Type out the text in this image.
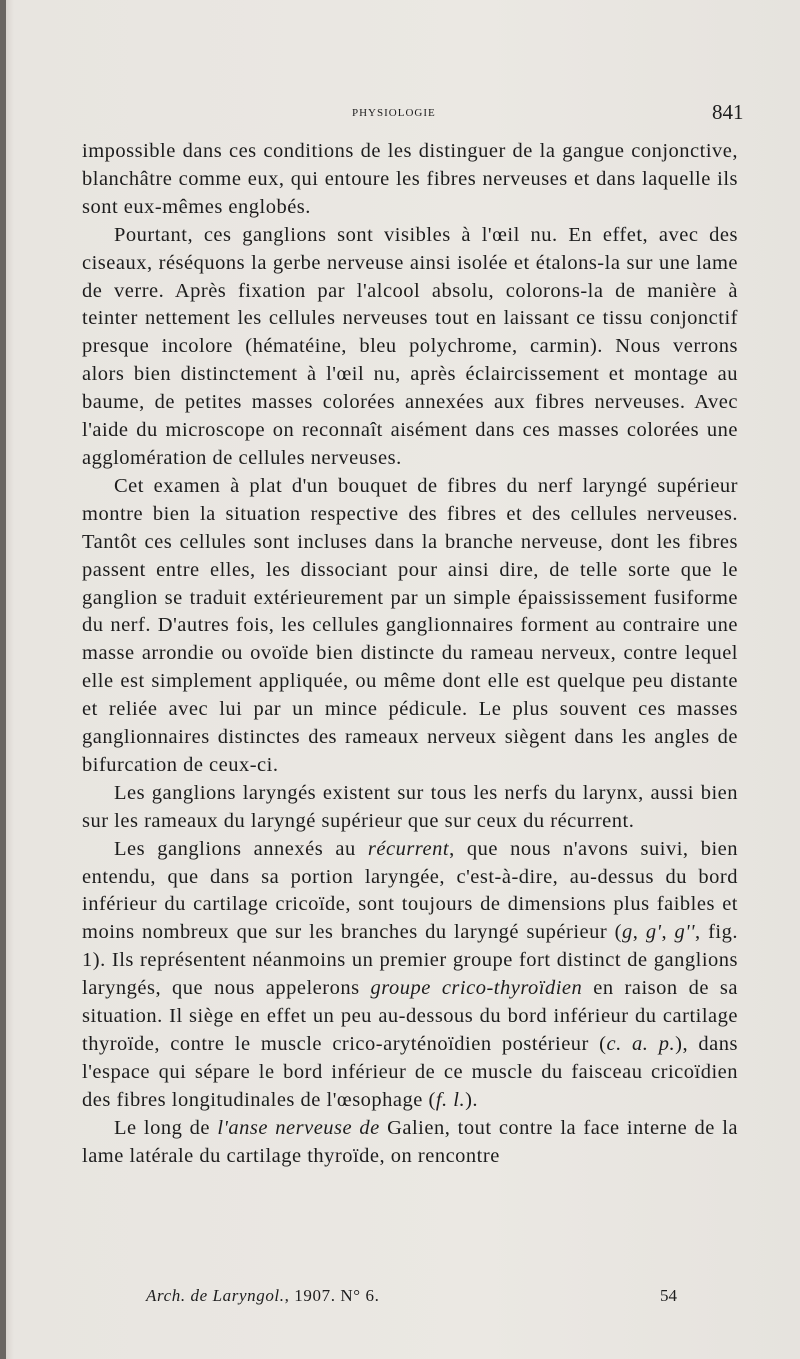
physiologie	841

impossible dans ces conditions de les distinguer de la gangue conjonctive, blanchâtre comme eux, qui entoure les fibres nerveuses et dans laquelle ils sont eux-mêmes englobés.

Pourtant, ces ganglions sont visibles à l'œil nu. En effet, avec des ciseaux, réséquons la gerbe nerveuse ainsi isolée et étalons-la sur une lame de verre. Après fixation par l'alcool absolu, colorons-la de manière à teinter nettement les cellules nerveuses tout en laissant ce tissu conjonctif presque incolore (hématéine, bleu polychrome, carmin). Nous verrons alors bien distinctement à l'œil nu, après éclaircissement et montage au baume, de petites masses colorées annexées aux fibres nerveuses. Avec l'aide du microscope on reconnaît aisément dans ces masses colorées une agglomération de cellules nerveuses.

Cet examen à plat d'un bouquet de fibres du nerf laryngé supérieur montre bien la situation respective des fibres et des cellules nerveuses. Tantôt ces cellules sont incluses dans la branche nerveuse, dont les fibres passent entre elles, les dissociant pour ainsi dire, de telle sorte que le ganglion se traduit extérieurement par un simple épaississement fusiforme du nerf. D'autres fois, les cellules ganglionnaires forment au contraire une masse arrondie ou ovoïde bien distincte du rameau nerveux, contre lequel elle est simplement appliquée, ou même dont elle est quelque peu distante et reliée avec lui par un mince pédicule. Le plus souvent ces masses ganglionnaires distinctes des rameaux nerveux siègent dans les angles de bifurcation de ceux-ci.

Les ganglions laryngés existent sur tous les nerfs du larynx, aussi bien sur les rameaux du laryngé supérieur que sur ceux du récurrent.

Les ganglions annexés au récurrent, que nous n'avons suivi, bien entendu, que dans sa portion laryngée, c'est-à-dire, au-dessus du bord inférieur du cartilage cricoïde, sont toujours de dimensions plus faibles et moins nombreux que sur les branches du laryngé supérieur (g, g', g'', fig. 1). Ils représentent néanmoins un premier groupe fort distinct de ganglions laryngés, que nous appelerons groupe crico-thyroïdien en raison de sa situation. Il siège en effet un peu au-dessous du bord inférieur du cartilage thyroïde, contre le muscle crico-aryténoïdien postérieur (c. a. p.), dans l'espace qui sépare le bord inférieur de ce muscle du faisceau cricoïdien des fibres longitudinales de l'œsophage (f. l.).

Le long de l'anse nerveuse de Galien, tout contre la face interne de la lame latérale du cartilage thyroïde, on rencontre

Arch. de Laryngol., 1907. N° 6.	54
